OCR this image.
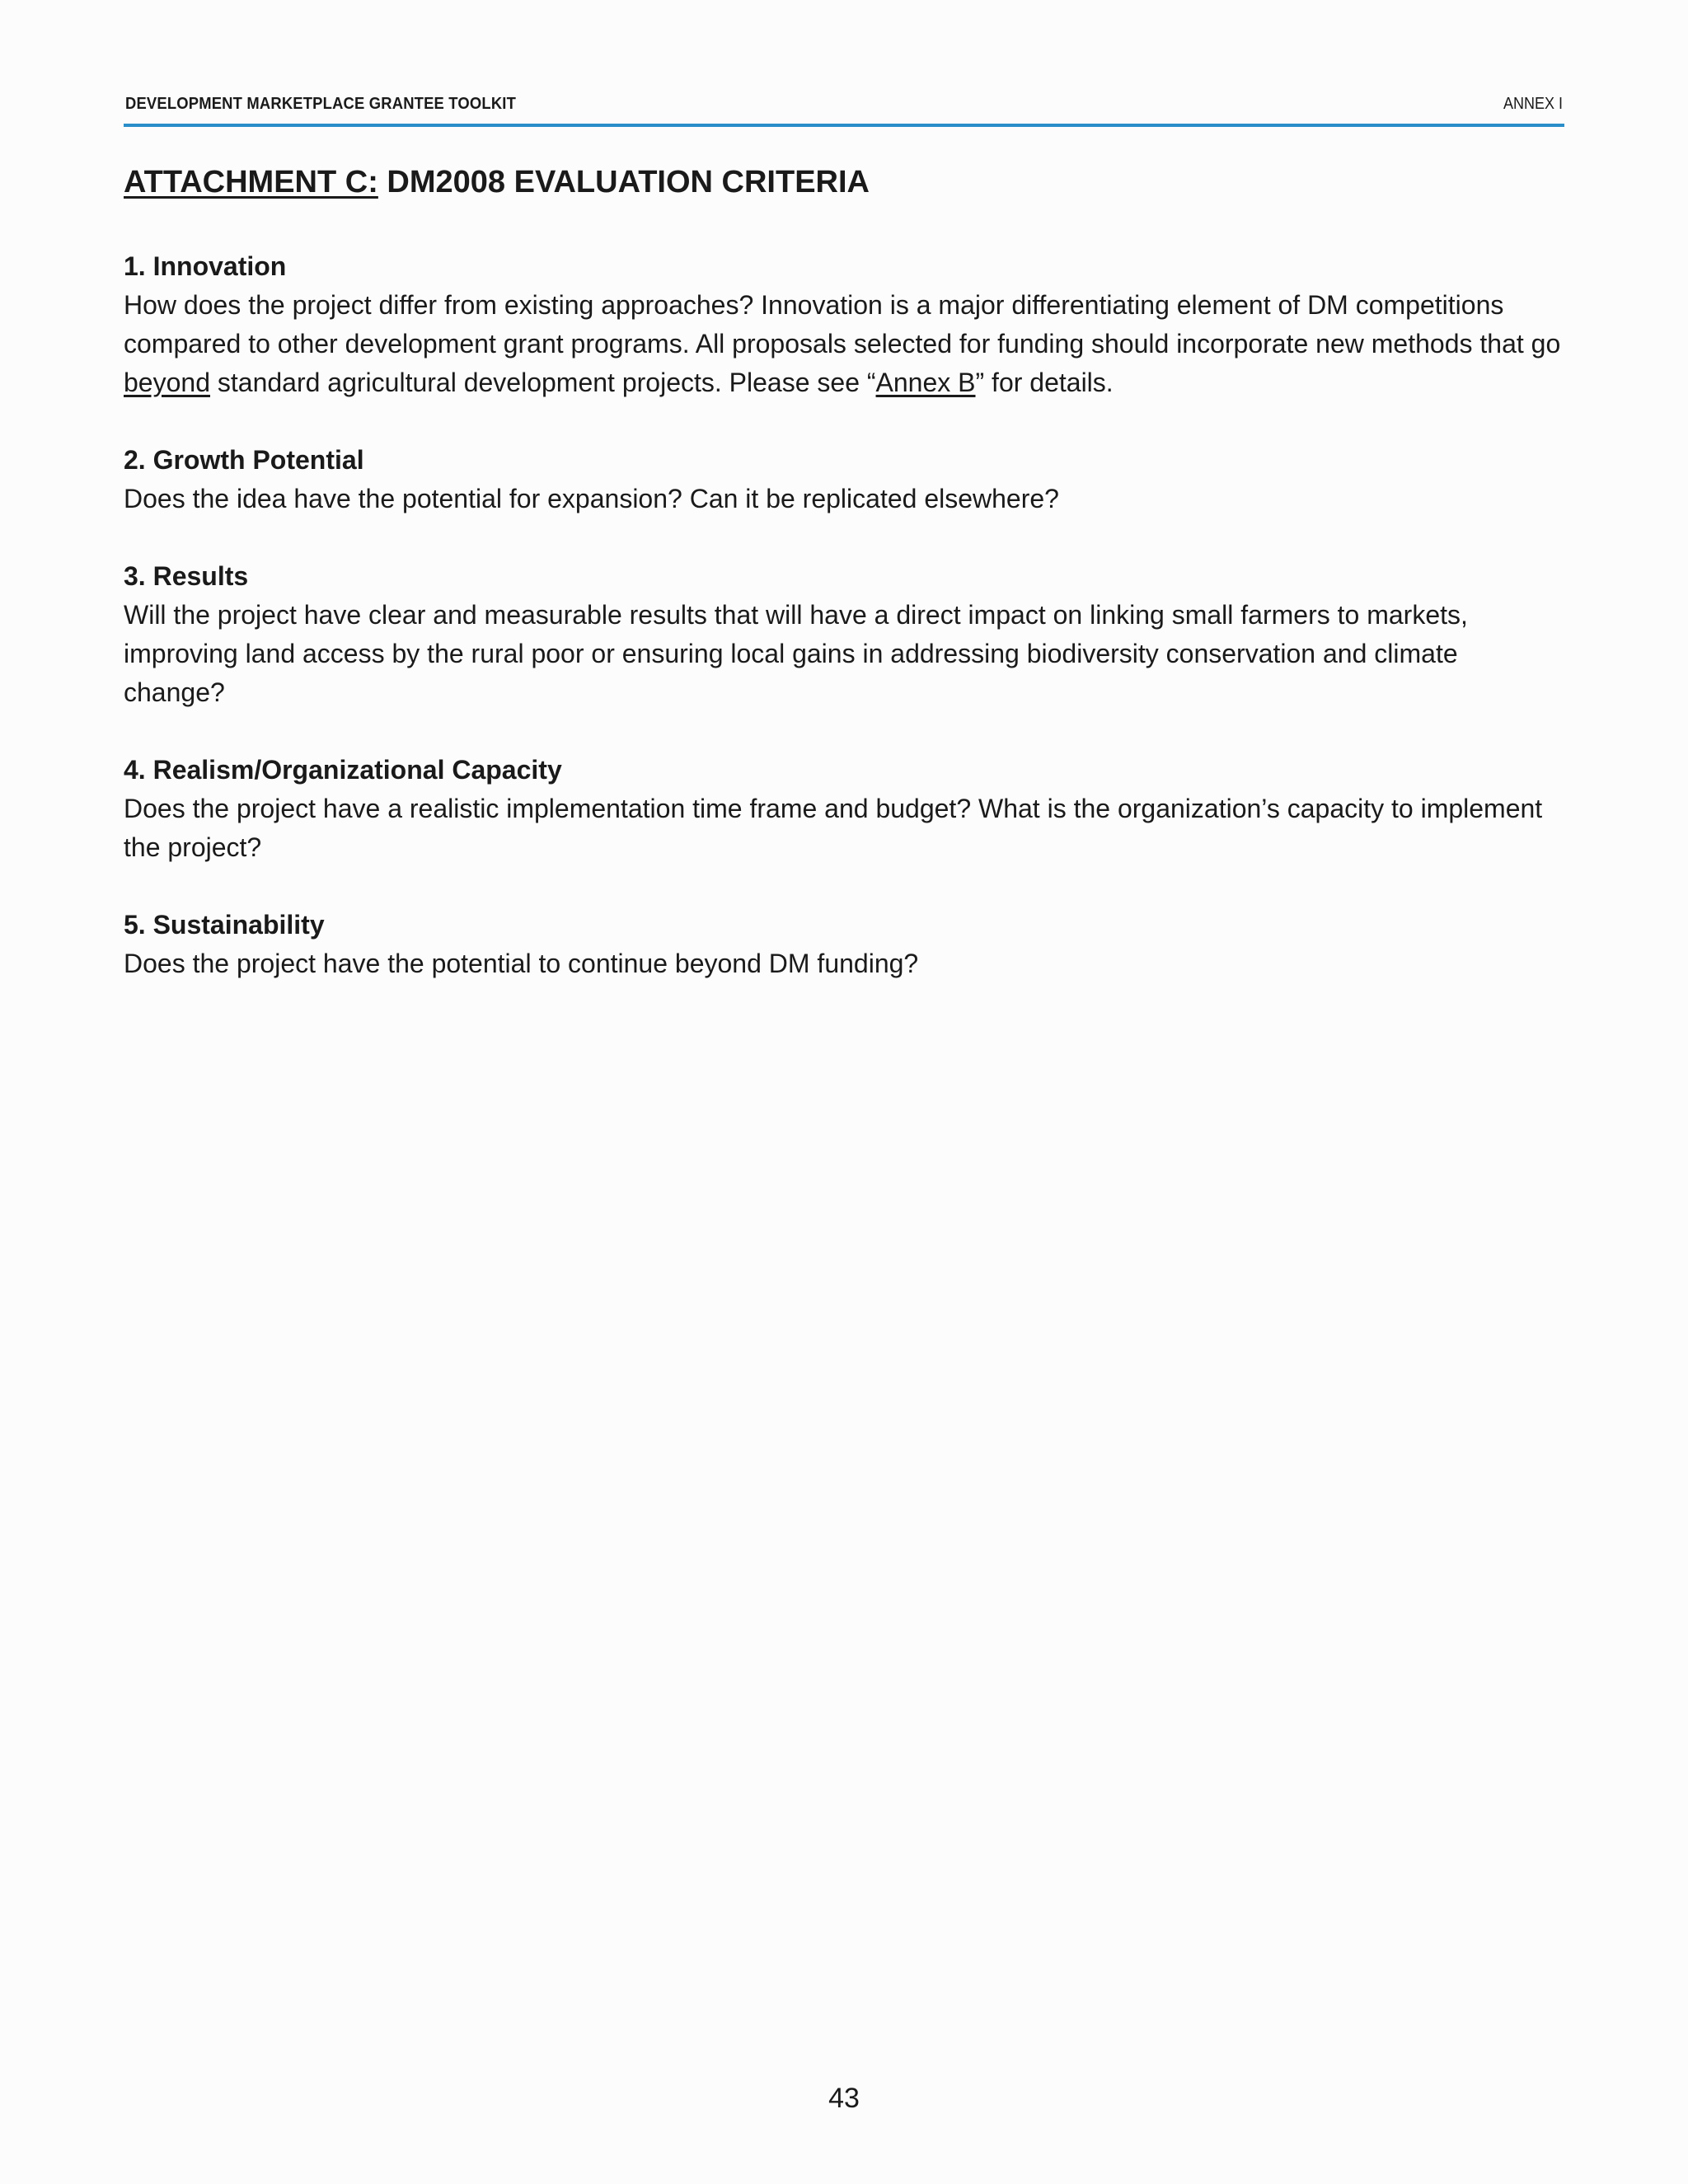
DEVELOPMENT MARKETPLACE GRANTEE TOOLKIT	ANNEX I
ATTACHMENT C: DM2008 EVALUATION CRITERIA
1. Innovation

How does the project differ from existing approaches? Innovation is a major differentiating element of DM competitions compared to other development grant programs. All proposals selected for funding should incorporate new methods that go beyond standard agricultural development projects. Please see “Annex B” for details.

2. Growth Potential

Does the idea have the potential for expansion? Can it be replicated elsewhere?

3. Results

Will the project have clear and measurable results that will have a direct impact on linking small farmers to markets, improving land access by the rural poor or ensuring local gains in addressing biodiversity conservation and climate change?

4. Realism/Organizational Capacity

Does the project have a realistic implementation time frame and budget? What is the organization’s capacity to implement the project?

5. Sustainability

Does the project have the potential to continue beyond DM funding?

43
